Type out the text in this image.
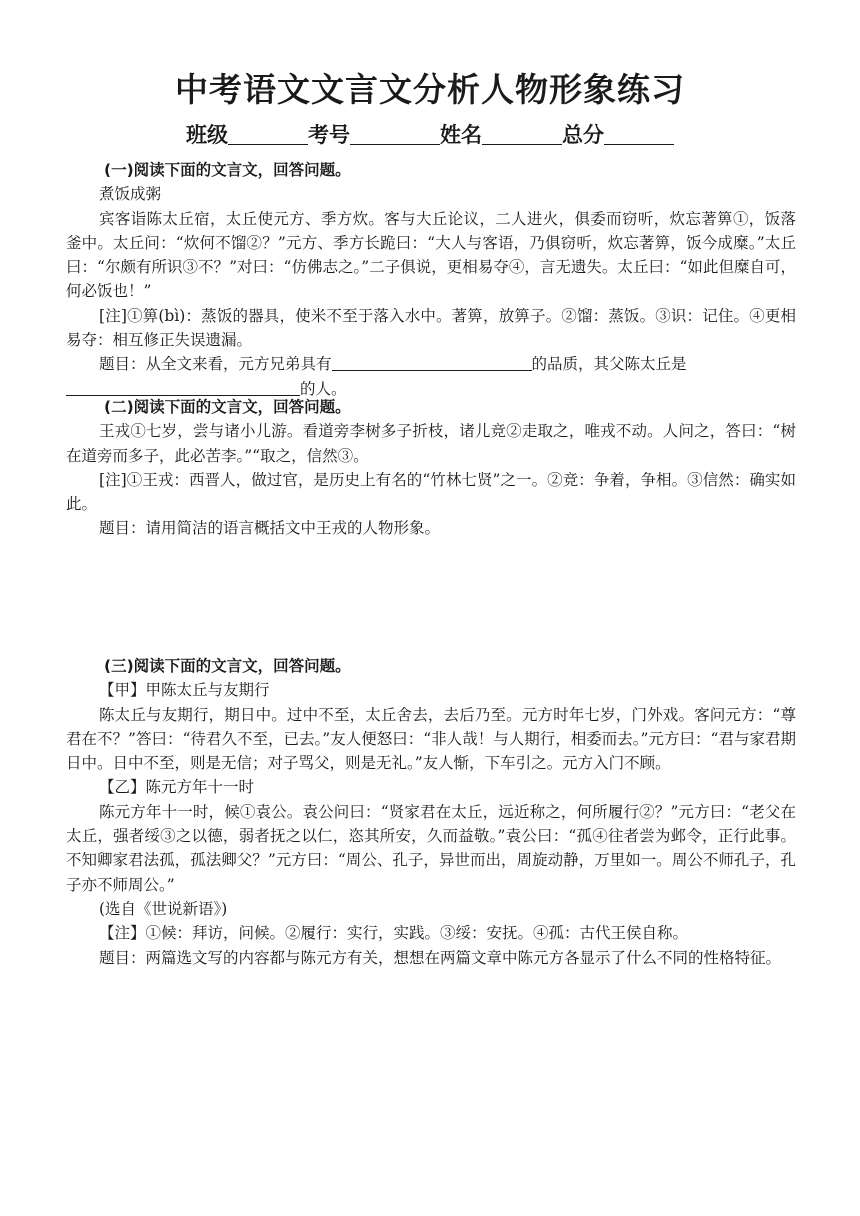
中考语文文言文分析人物形象练习
班级	考号	姓名	总分
(一)阅读下面的文言文，回答问题。
煮饭成粥

宾客诣陈太丘宿，太丘使元方、季方炊。客与大丘论议，二人进火，俱委而窃听，炊忘著箅①，饭落釜中。太丘问：“炊何不馏②？”元方、季方长跪曰：“大人与客语，乃俱窃听，炊忘著箅，饭今成糜。”太丘曰：“尔颇有所识③不？”对曰：“仿佛志之。”二子俱说，更相易夺④，言无遗失。太丘曰：“如此但糜自可，何必饭也！”

[注]①箅(bì)：蒸饭的器具，使米不至于落入水中。著箅，放箅子。②馏：蒸饭。③识：记住。④更相易夺：相互修正失误遗漏。

题目：从全文来看，元方兄弟具有	的品质，其父陈太丘是

的人。

(二)阅读下面的文言文，回答问题。

王戎①七岁，尝与诸小儿游。看道旁李树多子折枝，诸儿竞②走取之，唯戎不动。人问之，答曰：“树在道旁而多子，此必苦李。”“取之，信然③。

[注]①王戎：西晋人，做过官，是历史上有名的“竹林七贤”之一。②竞：争着，争相。③信然：确实如此。

题目：请用简洁的语言概括文中王戎的人物形象。

(三)阅读下面的文言文，回答问题。
【甲】甲陈太丘与友期行

陈太丘与友期行，期日中。过中不至，太丘舍去，去后乃至。元方时年七岁，门外戏。客问元方：“尊君在不？”答曰：“待君久不至，已去。”友人便怒曰：“非人哉！与人期行，相委而去。”元方曰：“君与家君期日中。日中不至，则是无信；对子骂父，则是无礼。”友人惭，下车引之。元方入门不顾。

【乙】陈元方年十一时

陈元方年十一时，候①袁公。袁公问曰：“贤家君在太丘，远近称之，何所履行②？”元方曰：“老父在太丘，强者绥③之以德，弱者抚之以仁，恣其所安，久而益敬。”袁公曰：“孤④往者尝为邺令，正行此事。不知卿家君法孤，孤法卿父？”元方曰：“周公、孔子，异世而出，周旋动静，万里如一。周公不师孔子，孔子亦不师周公。”

(选自《世说新语》)

【注】①候：拜访，问候。②履行：实行，实践。③绥：安抚。④孤：古代王侯自称。

题目：两篇选文写的内容都与陈元方有关，想想在两篇文章中陈元方各显示了什么不同的性格特征。
